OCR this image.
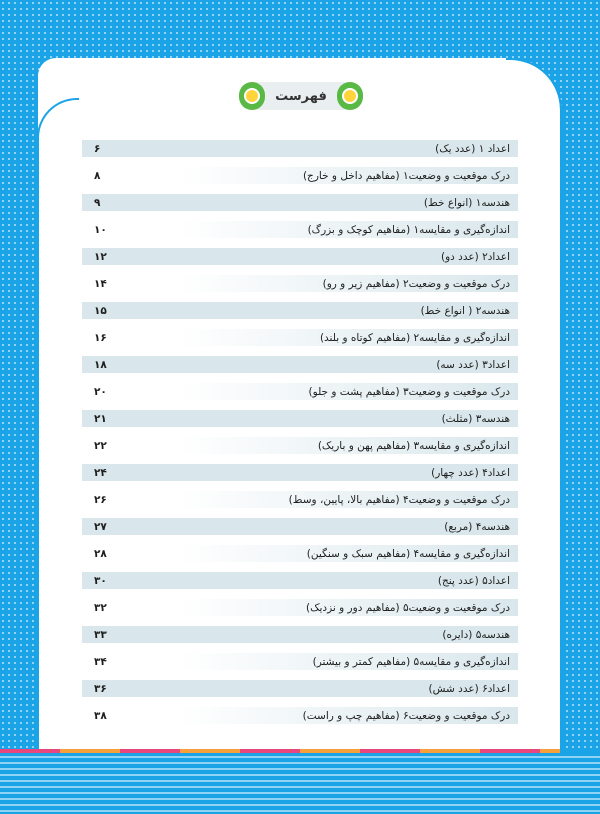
فهرست
اعداد ۱ (عدد یک)
۶
درک موقعیت و وضعیت۱ (مفاهیم داخل و خارج)
۸
هندسه۱ (انواع خط)
۹
اندازه‌گیری و مقایسه۱ (مفاهیم کوچک و بزرگ)
۱۰
اعداد۲ (عدد دو)
۱۲
درک موقعیت و وضعیت۲ (مفاهیم زیر و رو)
۱۴
هندسه۲ ( انواع خط)
۱۵
اندازه‌گیری و مقایسه۲ (مفاهیم کوتاه و بلند)
۱۶
اعداد۳ (عدد سه)
۱۸
درک موقعیت و وضعیت۳ (مفاهیم پشت و جلو)
۲۰
هندسه۳ (مثلث)
۲۱
اندازه‌گیری و مقایسه۳ (مفاهیم پهن و باریک)
۲۲
اعداد۴ (عدد چهار)
۲۴
درک موقعیت و وضعیت۴ (مفاهیم بالا، پایین، وسط)
۲۶
هندسه۴ (مربع)
۲۷
اندازه‌گیری و مقایسه۴ (مفاهیم سبک و سنگین)
۲۸
اعداد۵ (عدد پنج)
۳۰
درک موقعیت و وضعیت۵ (مفاهیم دور و نزدیک)
۳۲
هندسه۵ (دایره)
۳۳
اندازه‌گیری و مقایسه۵ (مفاهیم کمتر و بیشتر)
۳۴
اعداد۶ (عدد شش)
۳۶
درک موقعیت و وضعیت۶ (مفاهیم چپ و راست)
۳۸
